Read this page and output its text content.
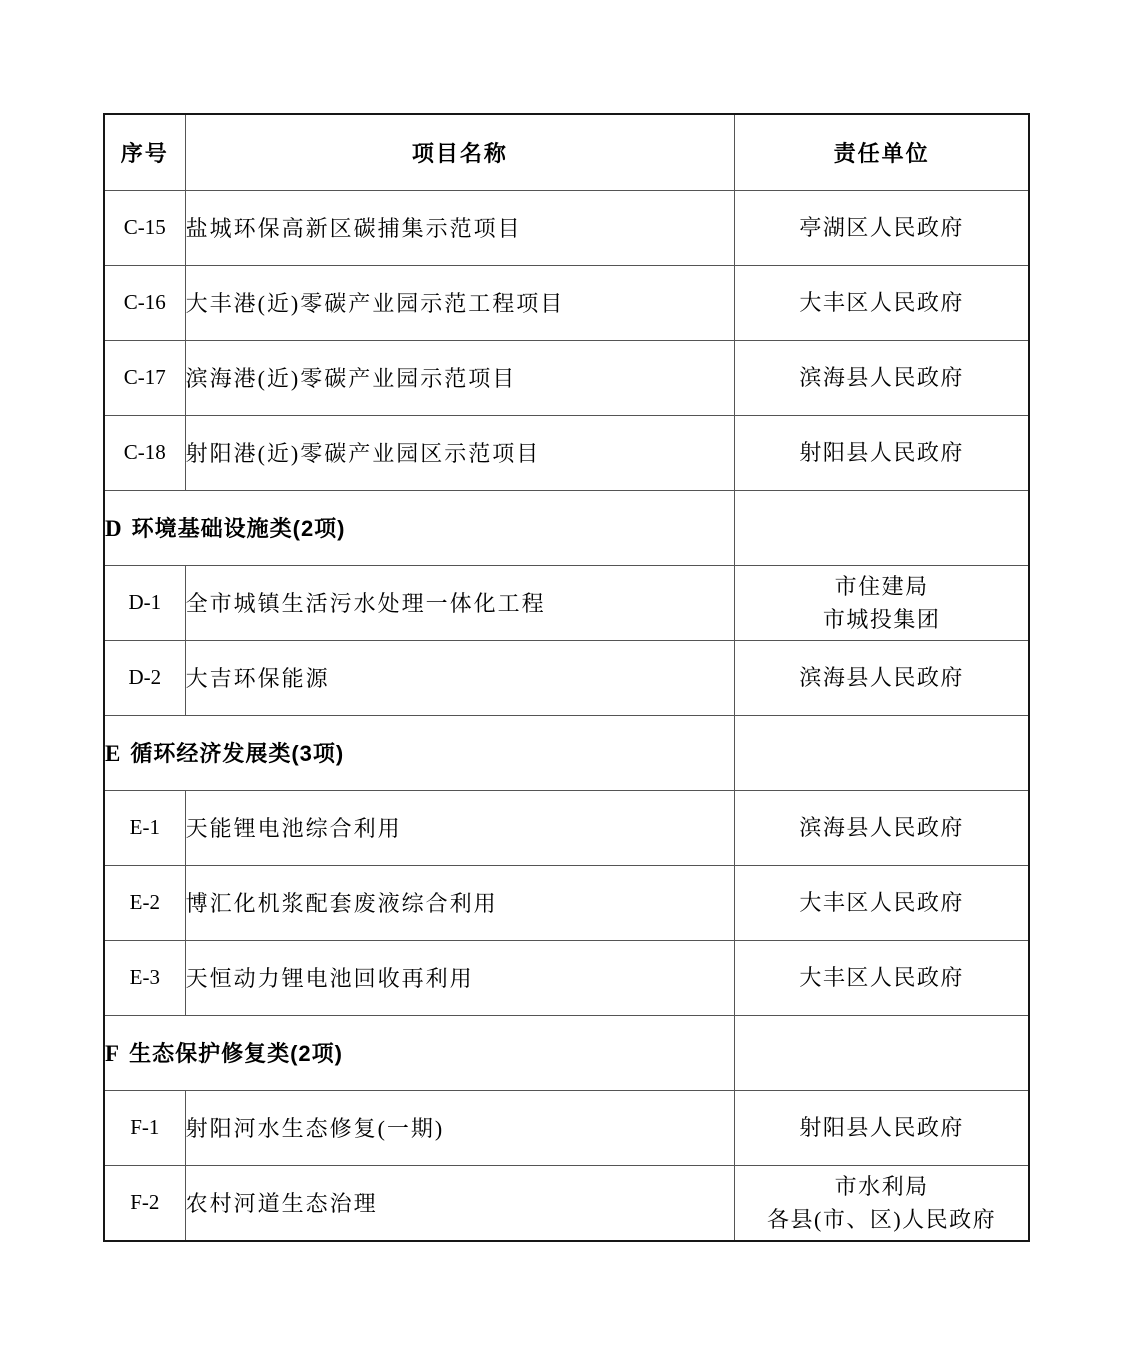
序号	项目名称	责任单位
C-15	盐城环保高新区碳捕集示范项目	亭湖区人民政府

C-16	大丰港(近)零碳产业园示范工程项目	大丰区人民政府

C-17	滨海港(近)零碳产业园示范项目	滨海县人民政府

C-18	射阳港(近)零碳产业园区示范项目	射阳县人民政府

D 环境基础设施类(2项)		
D-1	全市城镇生活污水处理一体化工程	市住建局
市城投集团

D-2	大吉环保能源	滨海县人民政府

E 循环经济发展类(3项)		
E-1	天能锂电池综合利用	滨海县人民政府

E-2	博汇化机浆配套废液综合利用	大丰区人民政府

E-3	天恒动力锂电池回收再利用	大丰区人民政府

F 生态保护修复类(2项)		
F-1	射阳河水生态修复(一期)	射阳县人民政府

F-2	农村河道生态治理	市水利局
各县(市、区)人民政府
